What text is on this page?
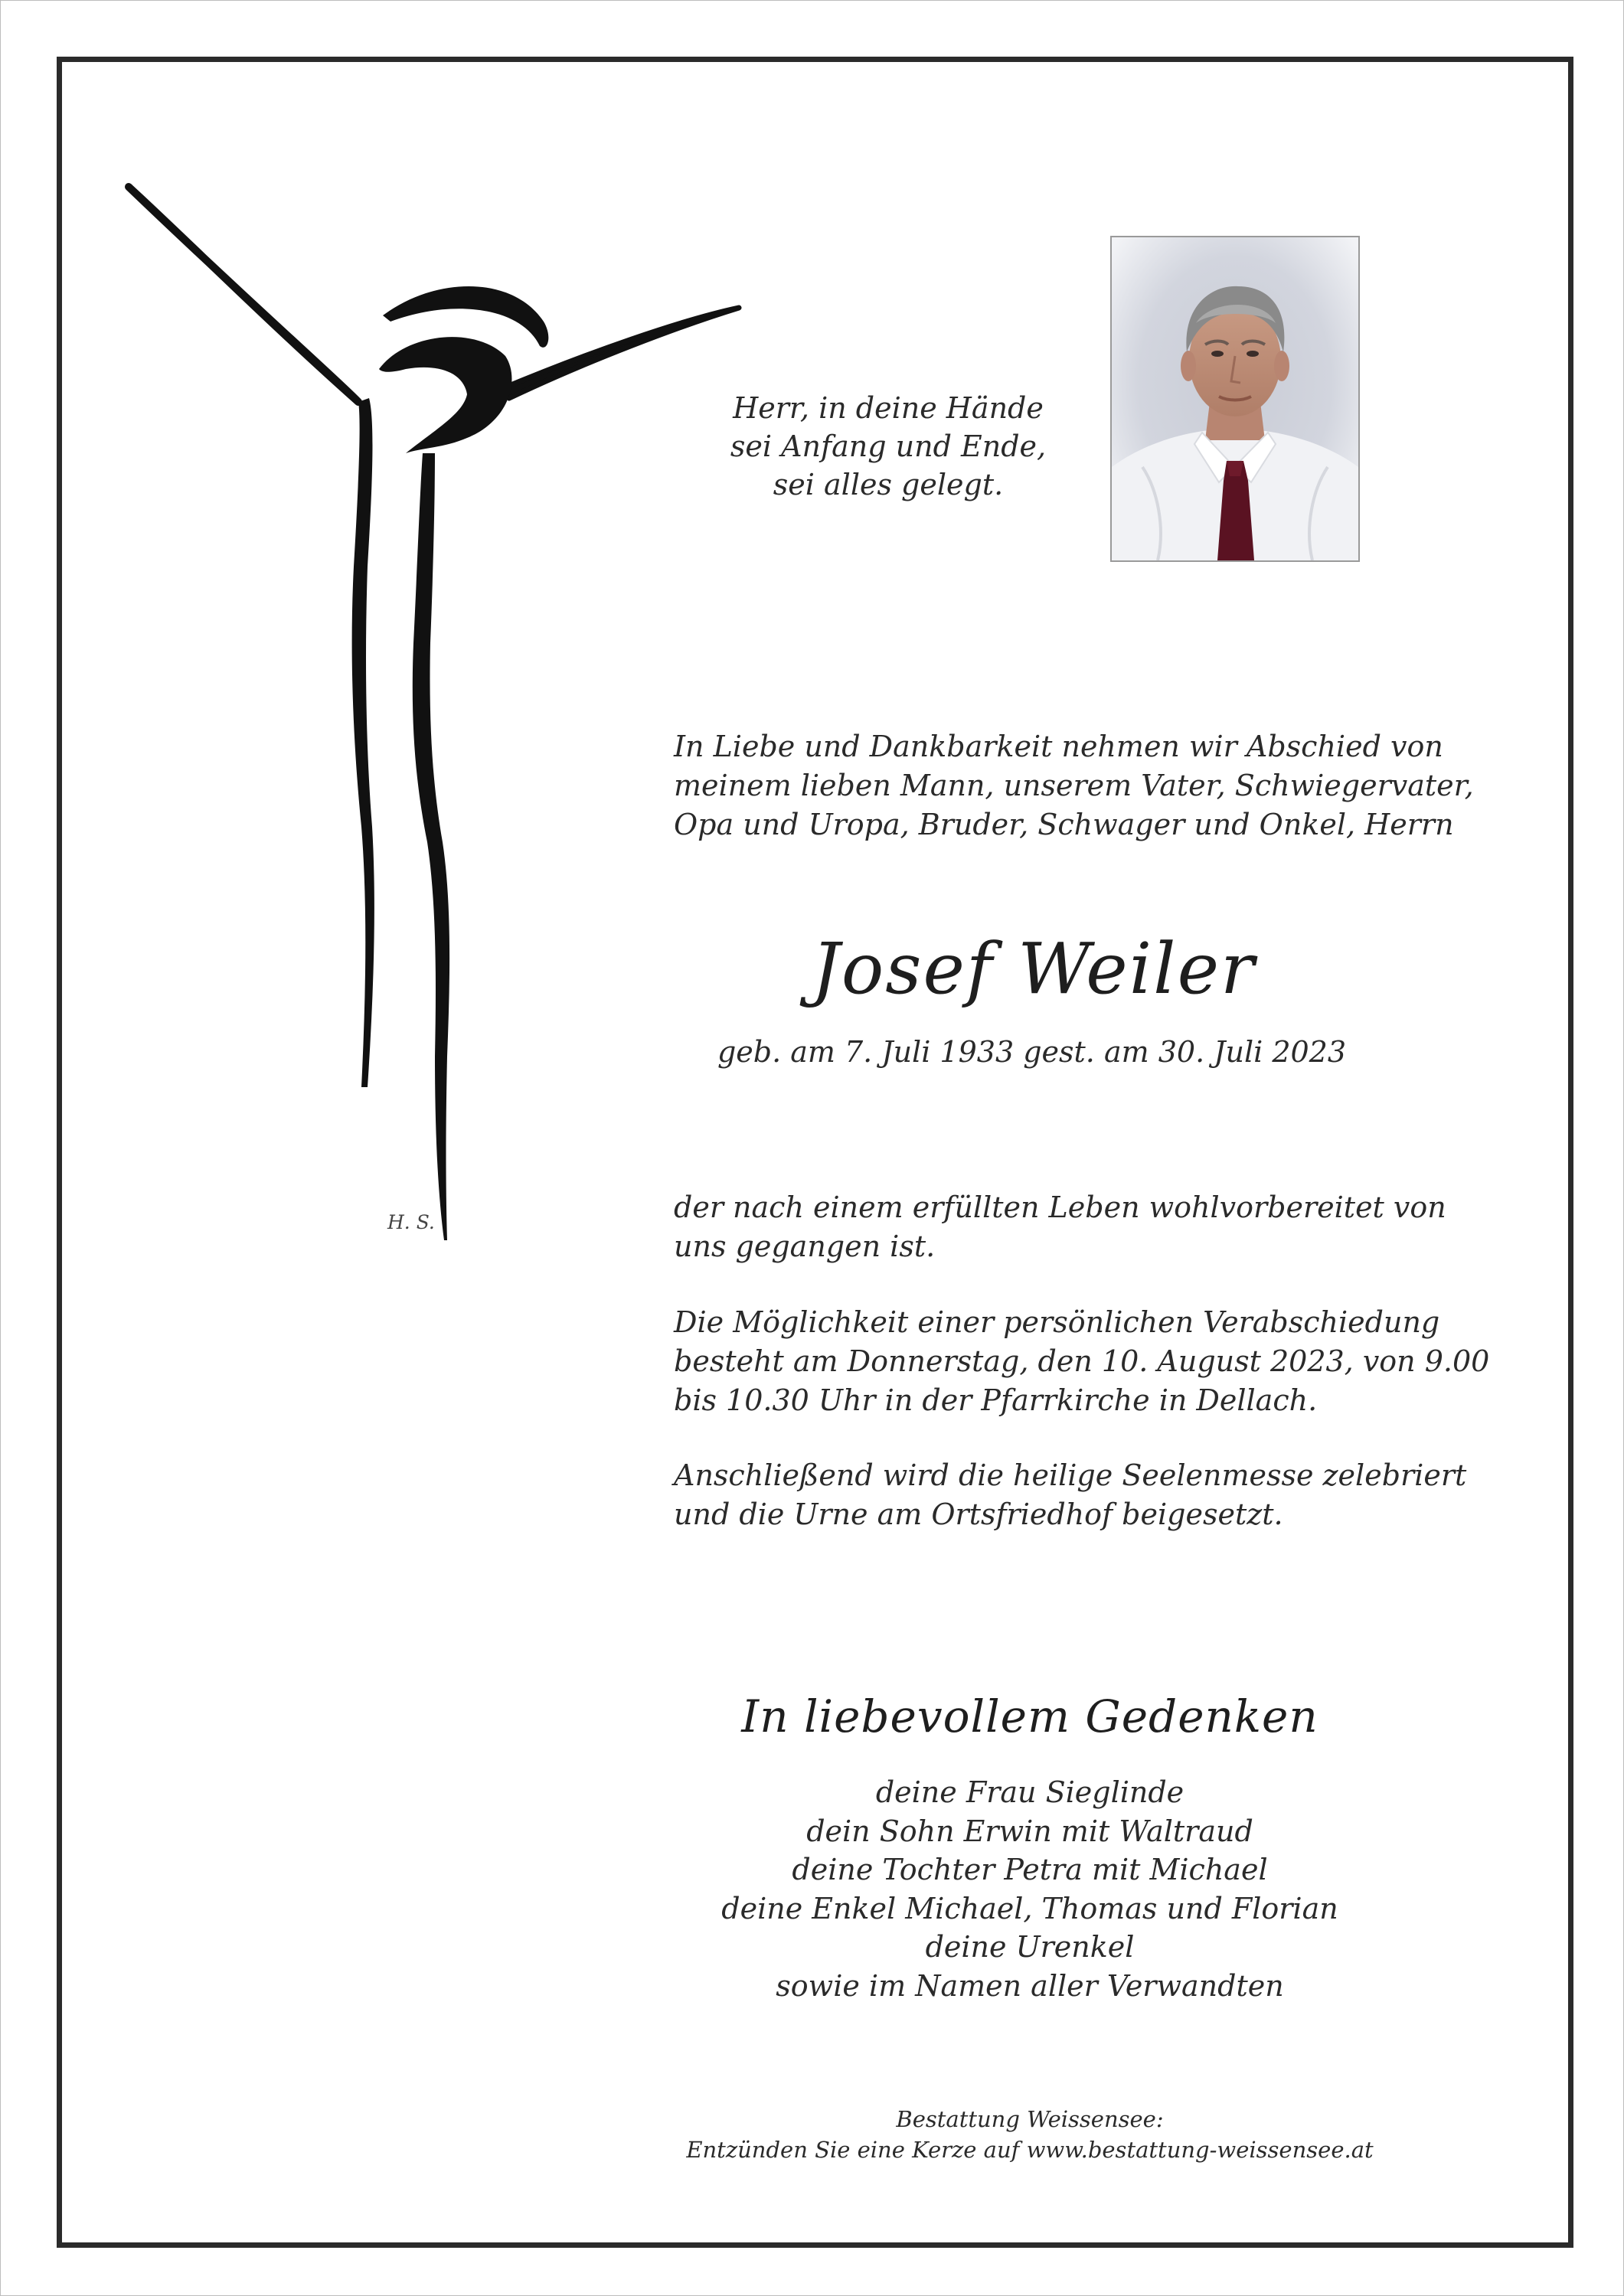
H. S.
Herr, in deine Hände
sei Anfang und Ende,
sei alles gelegt.
In Liebe und Dankbarkeit nehmen wir Abschied von
meinem lieben Mann, unserem Vater, Schwiegervater,
Opa und Uropa, Bruder, Schwager und Onkel, Herrn
Josef Weiler
geb. am 7. Juli 1933 gest. am 30. Juli 2023
der nach einem erfüllten Leben wohlvorbereitet von
uns gegangen ist.
Die Möglichkeit einer persönlichen Verabschiedung
besteht am Donnerstag, den 10. August 2023, von 9.00
bis 10.30 Uhr in der Pfarrkirche in Dellach.
Anschließend wird die heilige Seelenmesse zelebriert
und die Urne am Ortsfriedhof beigesetzt.
In liebevollem Gedenken
deine Frau Sieglinde
dein Sohn Erwin mit Waltraud
deine Tochter Petra mit Michael
deine Enkel Michael, Thomas und Florian
deine Urenkel
sowie im Namen aller Verwandten
Bestattung Weissensee:
Entzünden Sie eine Kerze auf www.bestattung-weissensee.at
